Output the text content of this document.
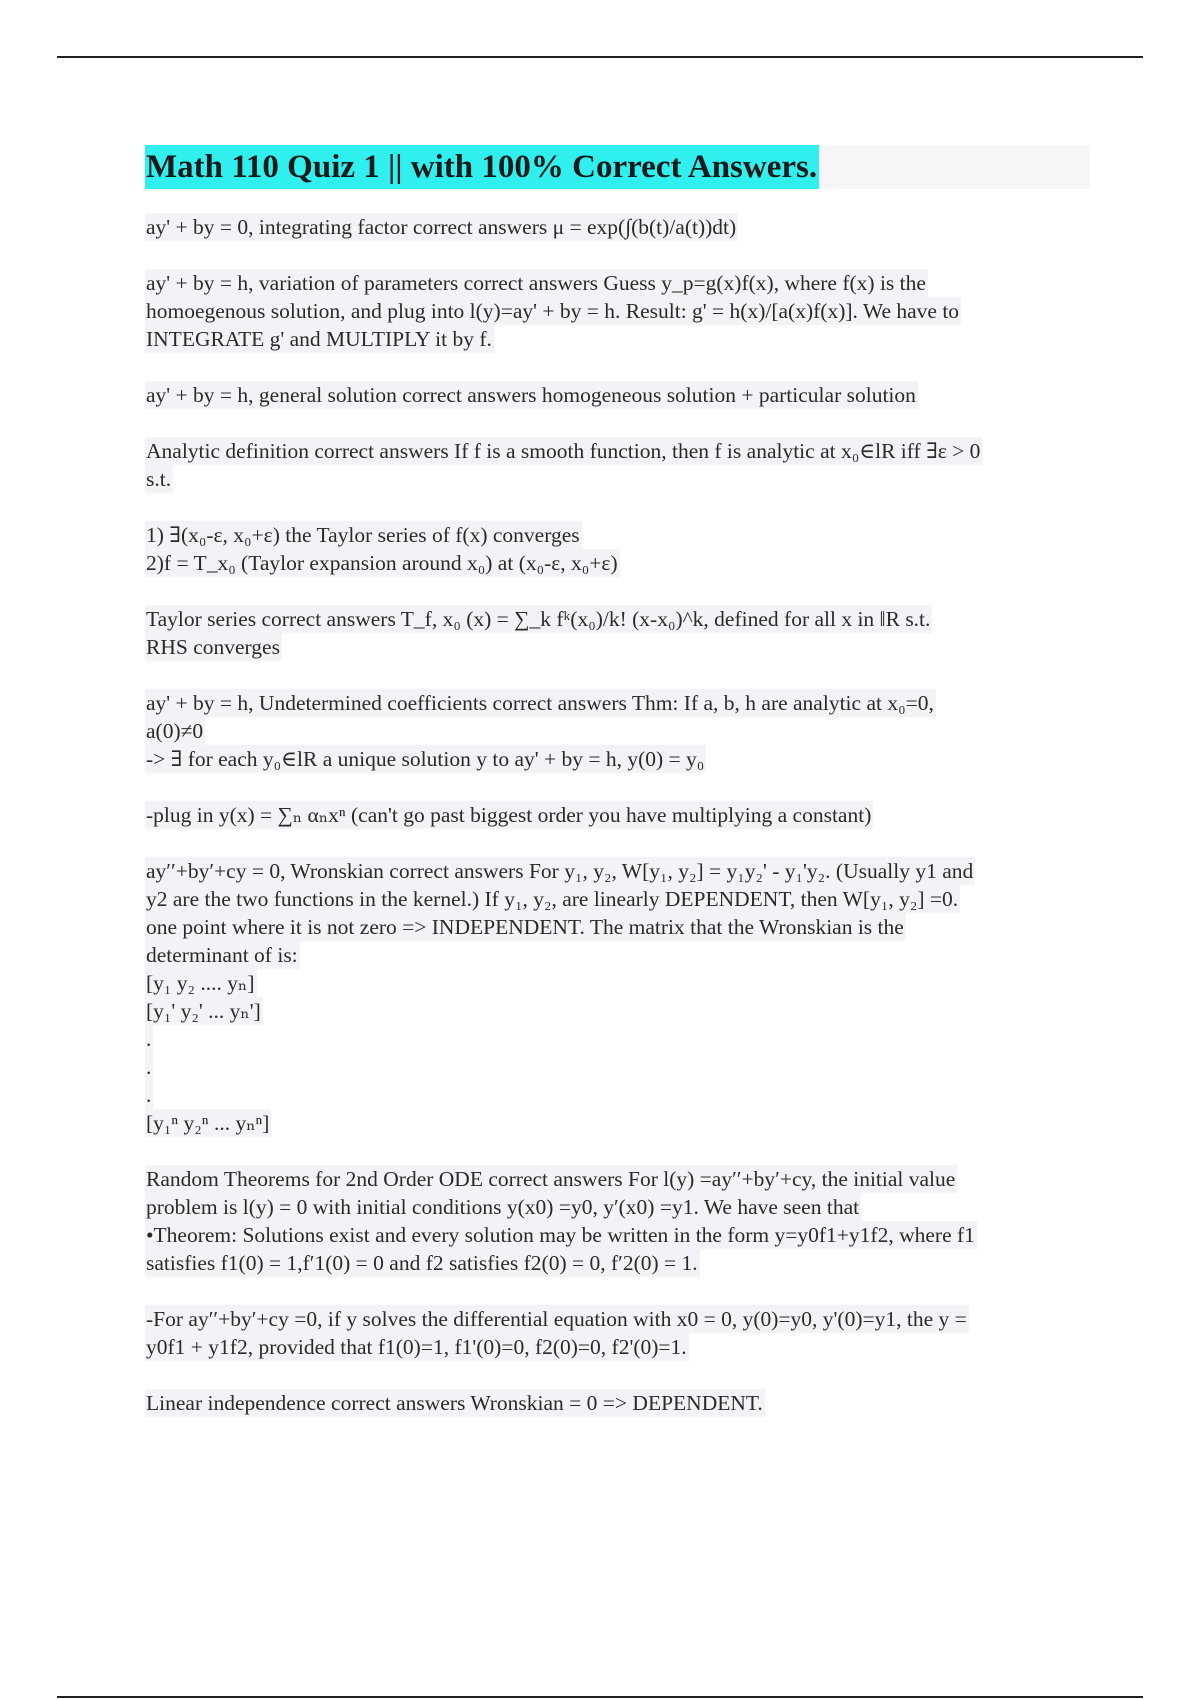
Math 110 Quiz 1 || with 100% Correct Answers.
ay' + by = 0, integrating factor correct answers μ = exp(∫(b(t)/a(t))dt)
ay' + by = h, variation of parameters correct answers Guess y_p=g(x)f(x), where f(x) is the
homoegenous solution, and plug into l(y)=ay' + by = h. Result: g' = h(x)/[a(x)f(x)]. We have to
INTEGRATE g' and MULTIPLY it by f.
ay' + by = h, general solution correct answers homogeneous solution + particular solution
Analytic definition correct answers If f is a smooth function, then f is analytic at x₀∈lR iff ∃ε > 0
s.t.
1) ∃(x₀-ε, x₀+ε) the Taylor series of f(x) converges
2)f = T_x₀ (Taylor expansion around x₀) at (x₀-ε, x₀+ε)
Taylor series correct answers T_f, x₀ (x) = ∑_k fᵏ(x₀)/k! (x-x₀)^k, defined for all x in ‖R s.t.
RHS converges
ay' + by = h, Undetermined coefficients correct answers Thm: If a, b, h are analytic at x₀=0,
a(0)≠0
-> ∃ for each y₀∈lR a unique solution y to ay' + by = h, y(0) = y₀
-plug in y(x) = ∑ₙ αₙxⁿ (can't go past biggest order you have multiplying a constant)
ay′′+by′+cy = 0, Wronskian correct answers For y₁, y₂, W[y₁, y₂] = y₁y₂' - y₁'y₂. (Usually y1 and
y2 are the two functions in the kernel.) If y₁, y₂, are linearly DEPENDENT, then W[y₁, y₂] =0.
one point where it is not zero => INDEPENDENT. The matrix that the Wronskian is the
determinant of is:
[y₁ y₂ .... yₙ]
[y₁' y₂' ... yₙ']
.
.
.
[y₁ⁿ y₂ⁿ ... yₙⁿ]
Random Theorems for 2nd Order ODE correct answers For l(y) =ay′′+by′+cy, the initial value
problem is l(y) = 0 with initial conditions y(x0) =y0, y′(x0) =y1. We have seen that
•Theorem: Solutions exist and every solution may be written in the form y=y0f1+y1f2, where f1
satisfies f1(0) = 1,f′1(0) = 0 and f2 satisfies f2(0) = 0, f′2(0) = 1.
-For ay′′+by′+cy =0, if y solves the differential equation with x0 = 0, y(0)=y0, y'(0)=y1, the y =
y0f1 + y1f2, provided that f1(0)=1, f1'(0)=0, f2(0)=0, f2'(0)=1.
Linear independence correct answers Wronskian = 0 => DEPENDENT.
